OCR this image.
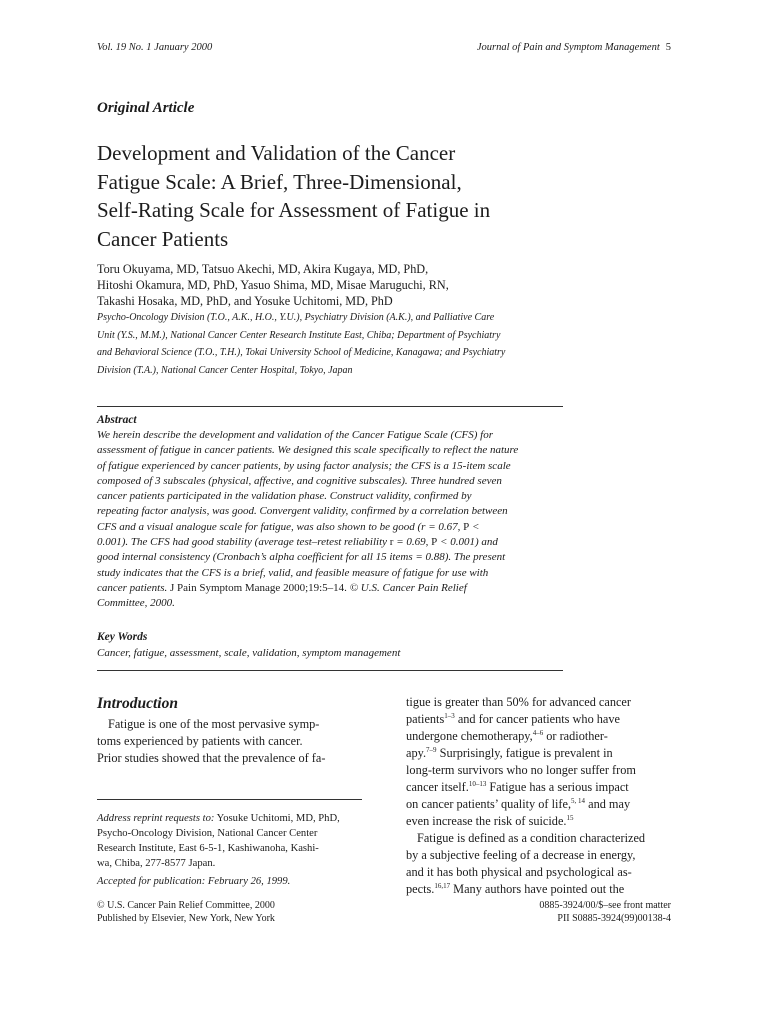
Vol. 19 No. 1 January 2000	Journal of Pain and Symptom Management 5
Original Article
Development and Validation of the Cancer
Fatigue Scale: A Brief, Three-Dimensional,
Self-Rating Scale for Assessment of Fatigue in
Cancer Patients
Toru Okuyama, MD, Tatsuo Akechi, MD, Akira Kugaya, MD, PhD,
Hitoshi Okamura, MD, PhD, Yasuo Shima, MD, Misae Maruguchi, RN,
Takashi Hosaka, MD, PhD, and Yosuke Uchitomi, MD, PhD
Psycho-Oncology Division (T.O., A.K., H.O., Y.U.), Psychiatry Division (A.K.), and Palliative Care
Unit (Y.S., M.M.), National Cancer Center Research Institute East, Chiba; Department of Psychiatry
and Behavioral Science (T.O., T.H.), Tokai University School of Medicine, Kanagawa; and Psychiatry
Division (T.A.), National Cancer Center Hospital, Tokyo, Japan
Abstract
We herein describe the development and validation of the Cancer Fatigue Scale (CFS) for
assessment of fatigue in cancer patients. We designed this scale specifically to reflect the nature
of fatigue experienced by cancer patients, by using factor analysis; the CFS is a 15-item scale
composed of 3 subscales (physical, affective, and cognitive subscales). Three hundred seven
cancer patients participated in the validation phase. Construct validity, confirmed by
repeating factor analysis, was good. Convergent validity, confirmed by a correlation between
CFS and a visual analogue scale for fatigue, was also shown to be good (r = 0.67, P <
0.001). The CFS had good stability (average test–retest reliability r = 0.69, P < 0.001) and
good internal consistency (Cronbach’s alpha coefficient for all 15 items = 0.88). The present
study indicates that the CFS is a brief, valid, and feasible measure of fatigue for use with
cancer patients. J Pain Symptom Manage 2000;19:5–14. © U.S. Cancer Pain Relief
Committee, 2000.
Key Words
Cancer, fatigue, assessment, scale, validation, symptom management
Introduction
Fatigue is one of the most pervasive symp-
toms experienced by patients with cancer.
Prior studies showed that the prevalence of fa-
tigue is greater than 50% for advanced cancer
patients$^{1-3}$ and for cancer patients who have
undergone chemotherapy,$^{4-6}$ or radiother-
apy.$^{7-9}$ Surprisingly, fatigue is prevalent in
long-term survivors who no longer suffer from
cancer itself.$^{10-13}$ Fatigue has a serious impact
on cancer patients’ quality of life,$^{5, 14}$ and may
even increase the risk of suicide.$^{15}$
Fatigue is defined as a condition characterized
by a subjective feeling of a decrease in energy,
and it has both physical and psychological as-
pects.$^{16,17}$ Many authors have pointed out the
Address reprint requests to: Yosuke Uchitomi, MD, PhD,
Psycho-Oncology Division, National Cancer Center
Research Institute, East 6-5-1, Kashiwanoha, Kashi-
wa, Chiba, 277-8577 Japan.
Accepted for publication: February 26, 1999.
© U.S. Cancer Pain Relief Committee, 2000
Published by Elsevier, New York, New York
0885-3924/00/$–see front matter
PII S0885-3924(99)00138-4
